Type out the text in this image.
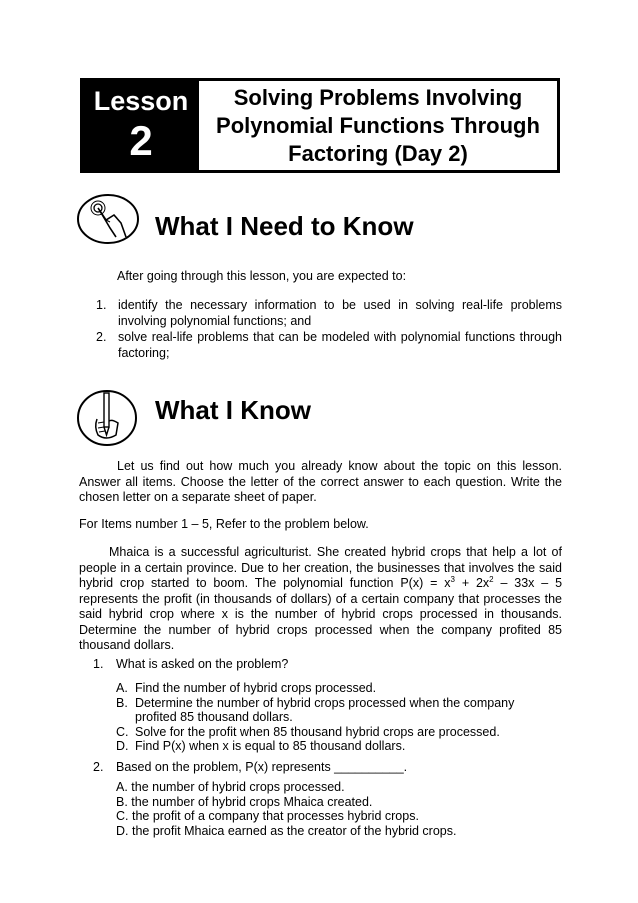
Lesson
2
Solving Problems Involving
Polynomial Functions Through
Factoring (Day 2)
What I Need to Know
After going through this lesson, you are expected to:
1. identify the necessary information to be used in solving real-life problems involving polynomial functions; and
2. solve real-life problems that can be modeled with polynomial functions through factoring;
What I Know
Let us find out how much you already know about the topic on this lesson. Answer all items. Choose the letter of the correct answer to each question. Write the chosen letter on a separate sheet of paper.
For Items number 1 – 5, Refer to the problem below.
Mhaica is a successful agriculturist. She created hybrid crops that help a lot of people in a certain province. Due to her creation, the businesses that involves the said hybrid crop started to boom. The polynomial function $P(x) = x^3 + 2x^2 - 33x - 5$ represents the profit (in thousands of dollars) of a certain company that processes the said hybrid crop where x is the number of hybrid crops processed in thousands. Determine the number of hybrid crops processed when the company profited 85 thousand dollars.
1. What is asked on the problem?
A. Find the number of hybrid crops processed.
B. Determine the number of hybrid crops processed when the company profited 85 thousand dollars.
C. Solve for the profit when 85 thousand hybrid crops are processed.
D. Find P(x) when x is equal to 85 thousand dollars.
2. Based on the problem, P(x) represents __________.
A. the number of hybrid crops processed.
B. the number of hybrid crops Mhaica created.
C. the profit of a company that processes hybrid crops.
D. the profit Mhaica earned as the creator of the hybrid crops.
